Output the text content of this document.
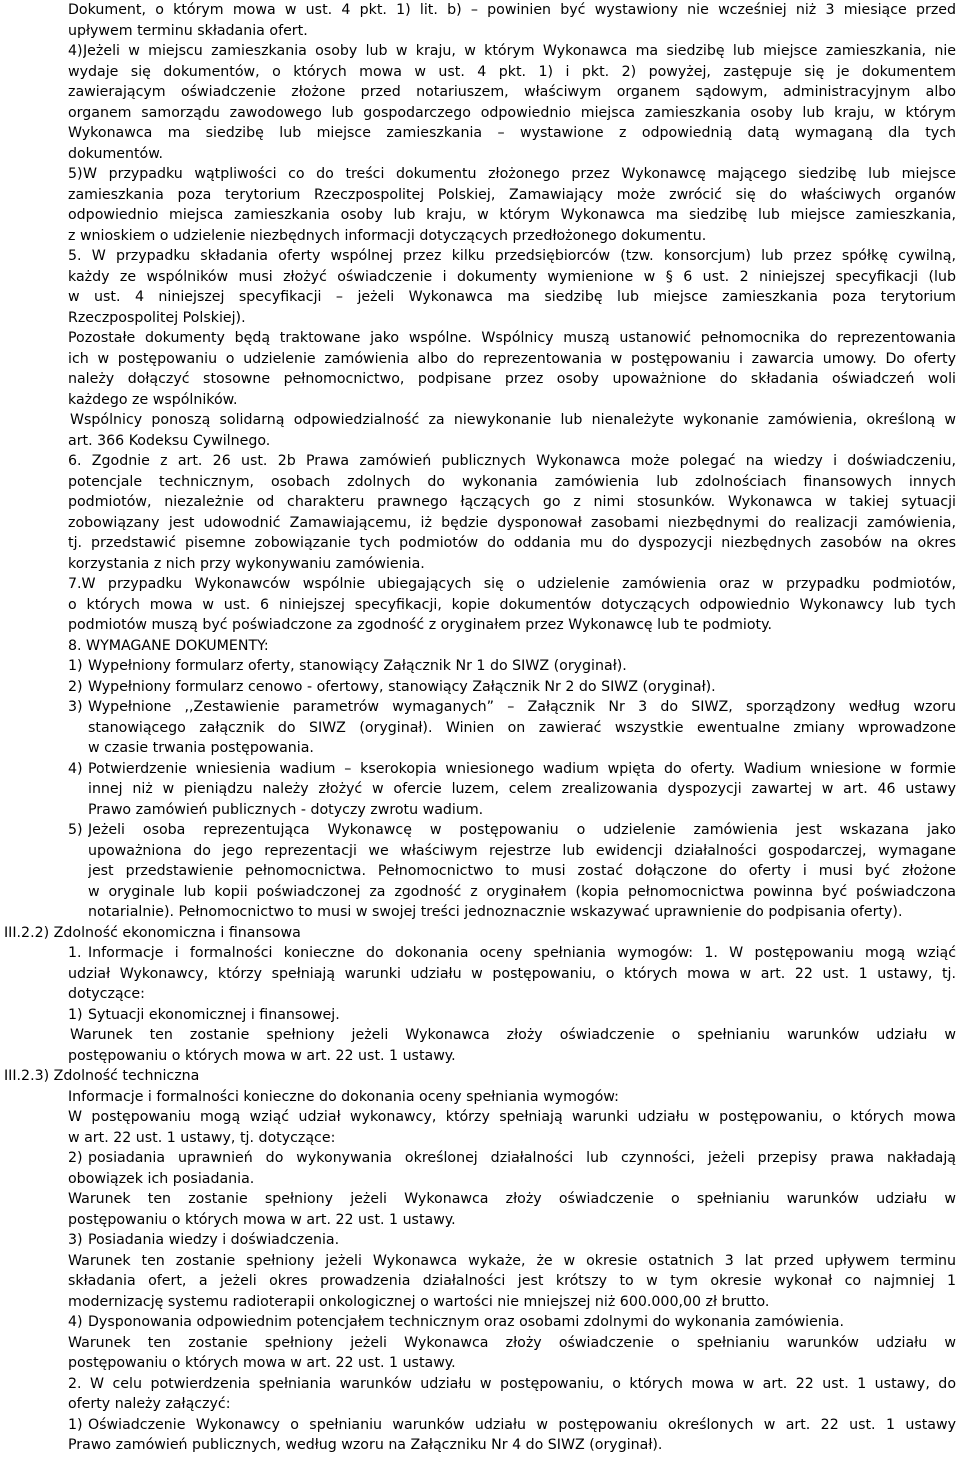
Dokument, o którym mowa w ust. 4 pkt. 1) lit. b) – powinien być wystawiony nie wcześniej niż 3 miesiące przed
upływem terminu składania ofert.
4) Jeżeli w miejscu zamieszkania osoby lub w kraju, w którym Wykonawca ma siedzibę lub miejsce zamieszkania, nie
wydaje się dokumentów, o których mowa w ust. 4 pkt. 1) i pkt. 2) powyżej, zastępuje się je dokumentem
zawierającym oświadczenie złożone przed notariuszem, właściwym organem sądowym, administracyjnym albo
organem samorządu zawodowego lub gospodarczego odpowiednio miejsca zamieszkania osoby lub kraju, w którym
Wykonawca ma siedzibę lub miejsce zamieszkania – wystawione z odpowiednią datą wymaganą dla tych
dokumentów.
5) W przypadku wątpliwości co do treści dokumentu złożonego przez Wykonawcę mającego siedzibę lub miejsce
zamieszkania poza terytorium Rzeczpospolitej Polskiej, Zamawiający może zwrócić się do właściwych organów
odpowiednio miejsca zamieszkania osoby lub kraju, w którym Wykonawca ma siedzibę lub miejsce zamieszkania,
z wnioskiem o udzielenie niezbędnych informacji dotyczących przedłożonego dokumentu.
5. W przypadku składania oferty wspólnej przez kilku przedsiębiorców (tzw. konsorcjum) lub przez spółkę cywilną,
każdy ze wspólników musi złożyć oświadczenie i dokumenty wymienione w § 6 ust. 2 niniejszej specyfikacji (lub
w ust. 4 niniejszej specyfikacji – jeżeli Wykonawca ma siedzibę lub miejsce zamieszkania poza terytorium
Rzeczpospolitej Polskiej).
Pozostałe dokumenty będą traktowane jako wspólne. Wspólnicy muszą ustanowić pełnomocnika do reprezentowania
ich w postępowaniu o udzielenie zamówienia albo do reprezentowania w postępowaniu i zawarcia umowy. Do oferty
należy dołączyć stosowne pełnomocnictwo, podpisane przez osoby upoważnione do składania oświadczeń woli
każdego ze wspólników.
Wspólnicy ponoszą solidarną odpowiedzialność za niewykonanie lub nienależyte wykonanie zamówienia, określoną w
art. 366 Kodeksu Cywilnego.
6. Zgodnie z art. 26 ust. 2b Prawa zamówień publicznych Wykonawca może polegać na wiedzy i doświadczeniu,
potencjale technicznym, osobach zdolnych do wykonania zamówienia lub zdolnościach finansowych innych
podmiotów, niezależnie od charakteru prawnego łączących go z nimi stosunków. Wykonawca w takiej sytuacji
zobowiązany jest udowodnić Zamawiającemu, iż będzie dysponował zasobami niezbędnymi do realizacji zamówienia,
tj. przedstawić pisemne zobowiązanie tych podmiotów do oddania mu do dyspozycji niezbędnych zasobów na okres
korzystania z nich przy wykonywaniu zamówienia.
7.W przypadku Wykonawców wspólnie ubiegających się o udzielenie zamówienia oraz w przypadku podmiotów,
o których mowa w ust. 6 niniejszej specyfikacji, kopie dokumentów dotyczących odpowiednio Wykonawcy lub tych
podmiotów muszą być poświadczone za zgodność z oryginałem przez Wykonawcę lub te podmioty.
8. WYMAGANE DOKUMENTY:
1) Wypełniony formularz oferty, stanowiący Załącznik Nr 1 do SIWZ (oryginał).
2) Wypełniony formularz cenowo - ofertowy, stanowiący Załącznik Nr 2 do SIWZ (oryginał).
3) Wypełnione ,,Zestawienie parametrów wymaganych” – Załącznik Nr 3 do SIWZ, sporządzony według wzoru
stanowiącego załącznik do SIWZ (oryginał). Winien on zawierać wszystkie ewentualne zmiany wprowadzone
w czasie trwania postępowania.
4) Potwierdzenie wniesienia wadium – kserokopia wniesionego wadium wpięta do oferty. Wadium wniesione w formie
innej niż w pieniądzu należy złożyć w ofercie luzem, celem zrealizowania dyspozycji zawartej w art. 46 ustawy
Prawo zamówień publicznych - dotyczy zwrotu wadium.
5) Jeżeli osoba reprezentująca Wykonawcę w postępowaniu o udzielenie zamówienia jest wskazana jako
upoważniona do jego reprezentacji we właściwym rejestrze lub ewidencji działalności gospodarczej, wymagane
jest przedstawienie pełnomocnictwa. Pełnomocnictwo to musi zostać dołączone do oferty i musi być złożone
w oryginale lub kopii poświadczonej za zgodność z oryginałem (kopia pełnomocnictwa powinna być poświadczona
notarialnie). Pełnomocnictwo to musi w swojej treści jednoznacznie wskazywać uprawnienie do podpisania oferty).
III.2.2) Zdolność ekonomiczna i finansowa
1. Informacje i formalności konieczne do dokonania oceny spełniania wymogów: 1. W postępowaniu mogą wziąć
udział Wykonawcy, którzy spełniają warunki udziału w postępowaniu, o których mowa w art. 22 ust. 1 ustawy, tj.
dotyczące:
1) Sytuacji ekonomicznej i finansowej.
Warunek ten zostanie spełniony jeżeli Wykonawca złoży oświadczenie o spełnianiu warunków udziału w
postępowaniu o których mowa w art. 22 ust. 1 ustawy.
III.2.3) Zdolność techniczna
Informacje i formalności konieczne do dokonania oceny spełniania wymogów:
W postępowaniu mogą wziąć udział wykonawcy, którzy spełniają warunki udziału w postępowaniu, o których mowa
w art. 22 ust. 1 ustawy, tj. dotyczące:
2) posiadania uprawnień do wykonywania określonej działalności lub czynności, jeżeli przepisy prawa nakładają
obowiązek ich posiadania.
Warunek ten zostanie spełniony jeżeli Wykonawca złoży oświadczenie o spełnianiu warunków udziału w
postępowaniu o których mowa w art. 22 ust. 1 ustawy.
3) Posiadania wiedzy i doświadczenia.
Warunek ten zostanie spełniony jeżeli Wykonawca wykaże, że w okresie ostatnich 3 lat przed upływem terminu
składania ofert, a jeżeli okres prowadzenia działalności jest krótszy to w tym okresie wykonał co najmniej 1
modernizację systemu radioterapii onkologicznej o wartości nie mniejszej niż 600.000,00 zł brutto.
4) Dysponowania odpowiednim potencjałem technicznym oraz osobami zdolnymi do wykonania zamówienia.
Warunek ten zostanie spełniony jeżeli Wykonawca złoży oświadczenie o spełnianiu warunków udziału w
postępowaniu o których mowa w art. 22 ust. 1 ustawy.
2. W celu potwierdzenia spełniania warunków udziału w postępowaniu, o których mowa w art. 22 ust. 1 ustawy, do
oferty należy załączyć:
1) Oświadczenie Wykonawcy o spełnianiu warunków udziału w postępowaniu określonych w art. 22 ust. 1 ustawy
Prawo zamówień publicznych, według wzoru na Załączniku Nr 4 do SIWZ (oryginał).
